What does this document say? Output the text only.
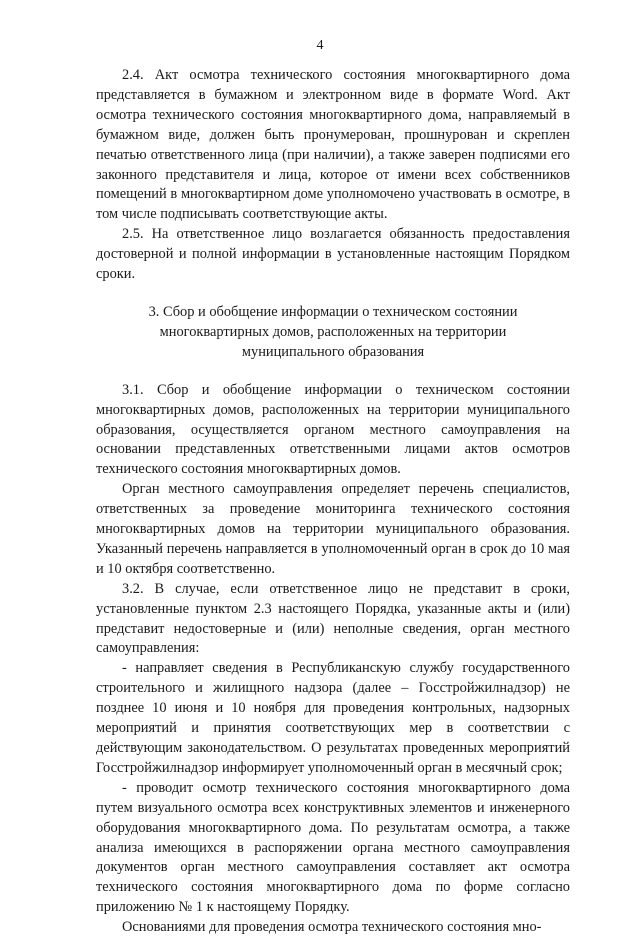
4

2.4. Акт осмотра технического состояния многоквартирного дома представляется в бумажном и электронном виде в формате Word. Акт осмотра технического состояния многоквартирного дома, направляемый в бумажном виде, должен быть пронумерован, прошнурован и скреплен печатью ответственного лица (при наличии), а также заверен подписями его законного представителя и лица, которое от имени всех собственников помещений в многоквартирном доме уполномочено участвовать в осмотре, в том числе подписывать соответствующие акты.

2.5. На ответственное лицо возлагается обязанность предоставления достоверной и полной информации в установленные настоящим Порядком сроки.

3. Сбор и обобщение информации о техническом состоянии
многоквартирных домов, расположенных на территории
муниципального образования

3.1. Сбор и обобщение информации о техническом состоянии многоквартирных домов, расположенных на территории муниципального образования, осуществляется органом местного самоуправления на основании представленных ответственными лицами актов осмотров технического состояния многоквартирных домов.

Орган местного самоуправления определяет перечень специалистов, ответственных за проведение мониторинга технического состояния многоквартирных домов на территории муниципального образования. Указанный перечень направляется в уполномоченный орган в срок до 10 мая и 10 октября соответственно.

3.2. В случае, если ответственное лицо не представит в сроки, установленные пунктом 2.3 настоящего Порядка, указанные акты и (или) представит недостоверные и (или) неполные сведения, орган местного самоуправления:

- направляет сведения в Республиканскую службу государственного строительного и жилищного надзора (далее – Госстройжилнадзор) не позднее 10 июня и 10 ноября для проведения контрольных, надзорных мероприятий и принятия соответствующих мер в соответствии с действующим законодательством. О результатах проведенных мероприятий Госстройжилнадзор информирует уполномоченный орган в месячный срок;

- проводит осмотр технического состояния многоквартирного дома путем визуального осмотра всех конструктивных элементов и инженерного оборудования многоквартирного дома. По результатам осмотра, а также анализа имеющихся в распоряжении органа местного самоуправления документов орган местного самоуправления составляет акт осмотра технического состояния многоквартирного дома по форме согласно приложению № 1 к настоящему Порядку.

Основаниями для проведения осмотра технического состояния мно-
